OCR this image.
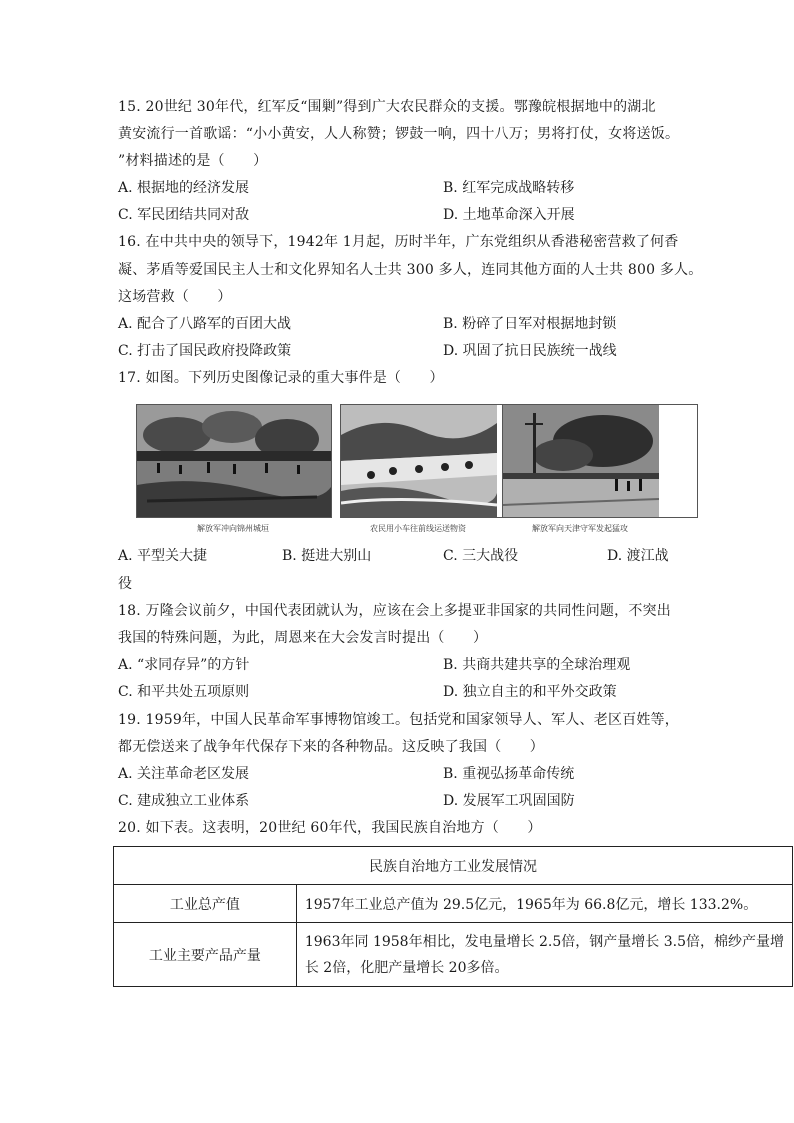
15. 20世纪 30年代，红军反“围剿”得到广大农民群众的支援。鄂豫皖根据地中的湖北
黄安流行一首歌谣：“小小黄安，人人称赞；锣鼓一响，四十八万；男将打仗，女将送饭。
”材料描述的是（　　）
A. 根据地的经济发展	B. 红军完成战略转移
C. 军民团结共同对敌	D. 土地革命深入开展
16. 在中共中央的领导下，1942年 1月起，历时半年，广东党组织从香港秘密营救了何香
凝、茅盾等爱国民主人士和文化界知名人士共 300 多人，连同其他方面的人士共 800 多人。
这场营救（　　）
A. 配合了八路军的百团大战	B. 粉碎了日军对根据地封锁
C. 打击了国民政府投降政策	D. 巩固了抗日民族统一战线
17. 如图。下列历史图像记录的重大事件是（　　）
解放军冲向锦州城垣	农民用小车往前线运送物资	解放军向天津守军发起猛攻
A. 平型关大捷	B. 挺进大别山	C. 三大战役	D. 渡江战
役
18. 万隆会议前夕，中国代表团就认为，应该在会上多提亚非国家的共同性问题，不突出
我国的特殊问题，为此，周恩来在大会发言时提出（　　）
A. “求同存异”的方针	B. 共商共建共享的全球治理观
C. 和平共处五项原则	D. 独立自主的和平外交政策
19. 1959年，中国人民革命军事博物馆竣工。包括党和国家领导人、军人、老区百姓等，
都无偿送来了战争年代保存下来的各种物品。这反映了我国（　　）
A. 关注革命老区发展	B. 重视弘扬革命传统
C. 建成独立工业体系	D. 发展军工巩固国防
20. 如下表。这表明，20世纪 60年代，我国民族自治地方（　　）
民族自治地方工业发展情况	
工业总产值	1957年工业总产值为 29.5亿元，1965年为 66.8亿元，增长 133.2%。
工业主要产品产量	1963年同 1958年相比，发电量增长 2.5倍，钢产量增长 3.5倍，棉纱产量增
长 2倍，化肥产量增长 20多倍。
